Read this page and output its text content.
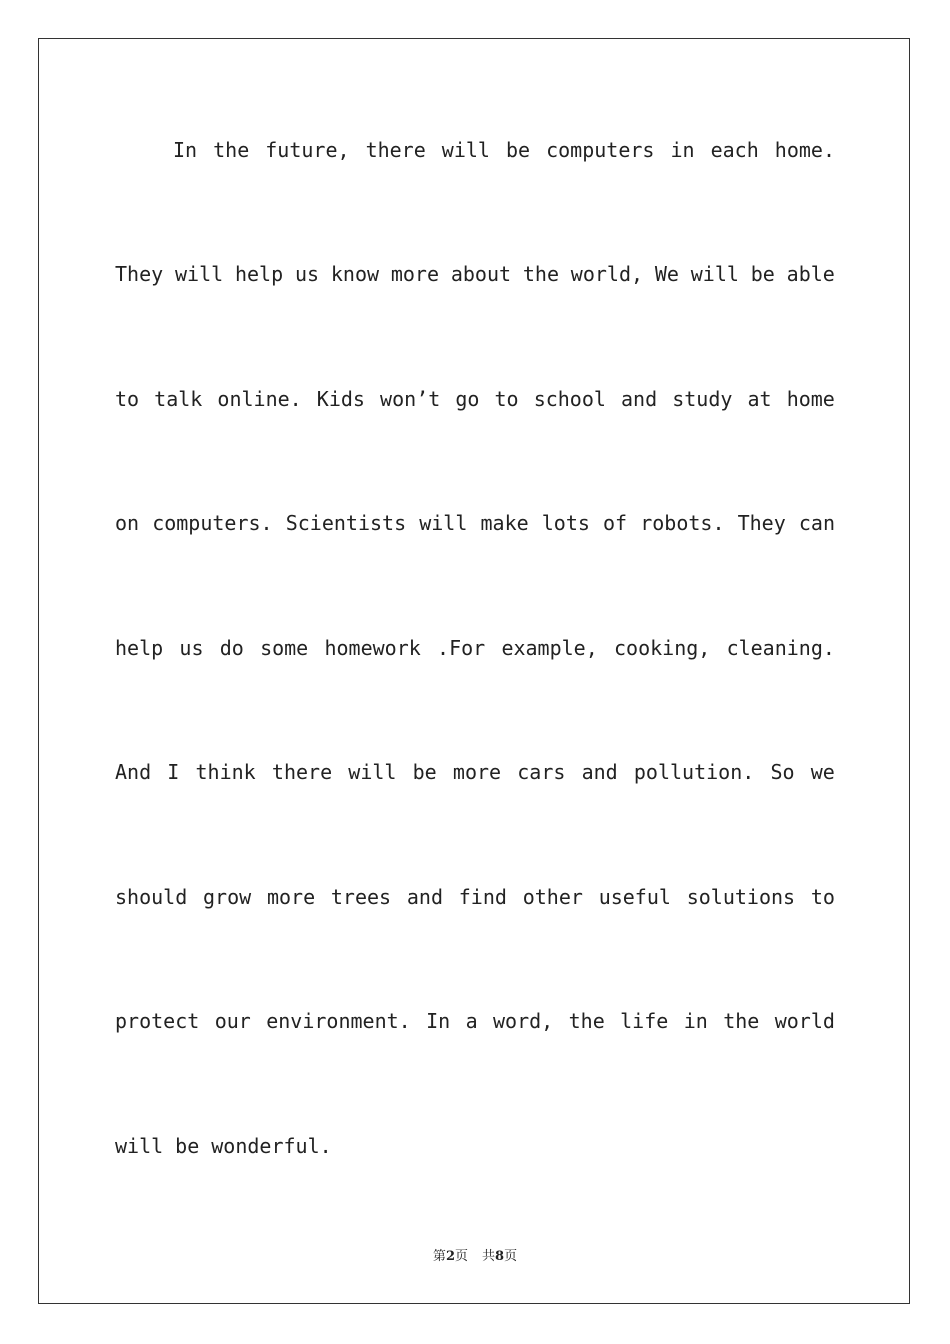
In the future, there will be computers in each home.
They will help us know more about the world, We will be able
to talk online. Kids won’t go to school and study at home
on computers. Scientists will make lots of robots. They can
help us do some homework .For example, cooking, cleaning.
And I think there will be more cars and pollution. So we
should grow more trees and find other useful solutions to
protect our environment. In a word, the life in the world
will be wonderful.
第2页 共8页
